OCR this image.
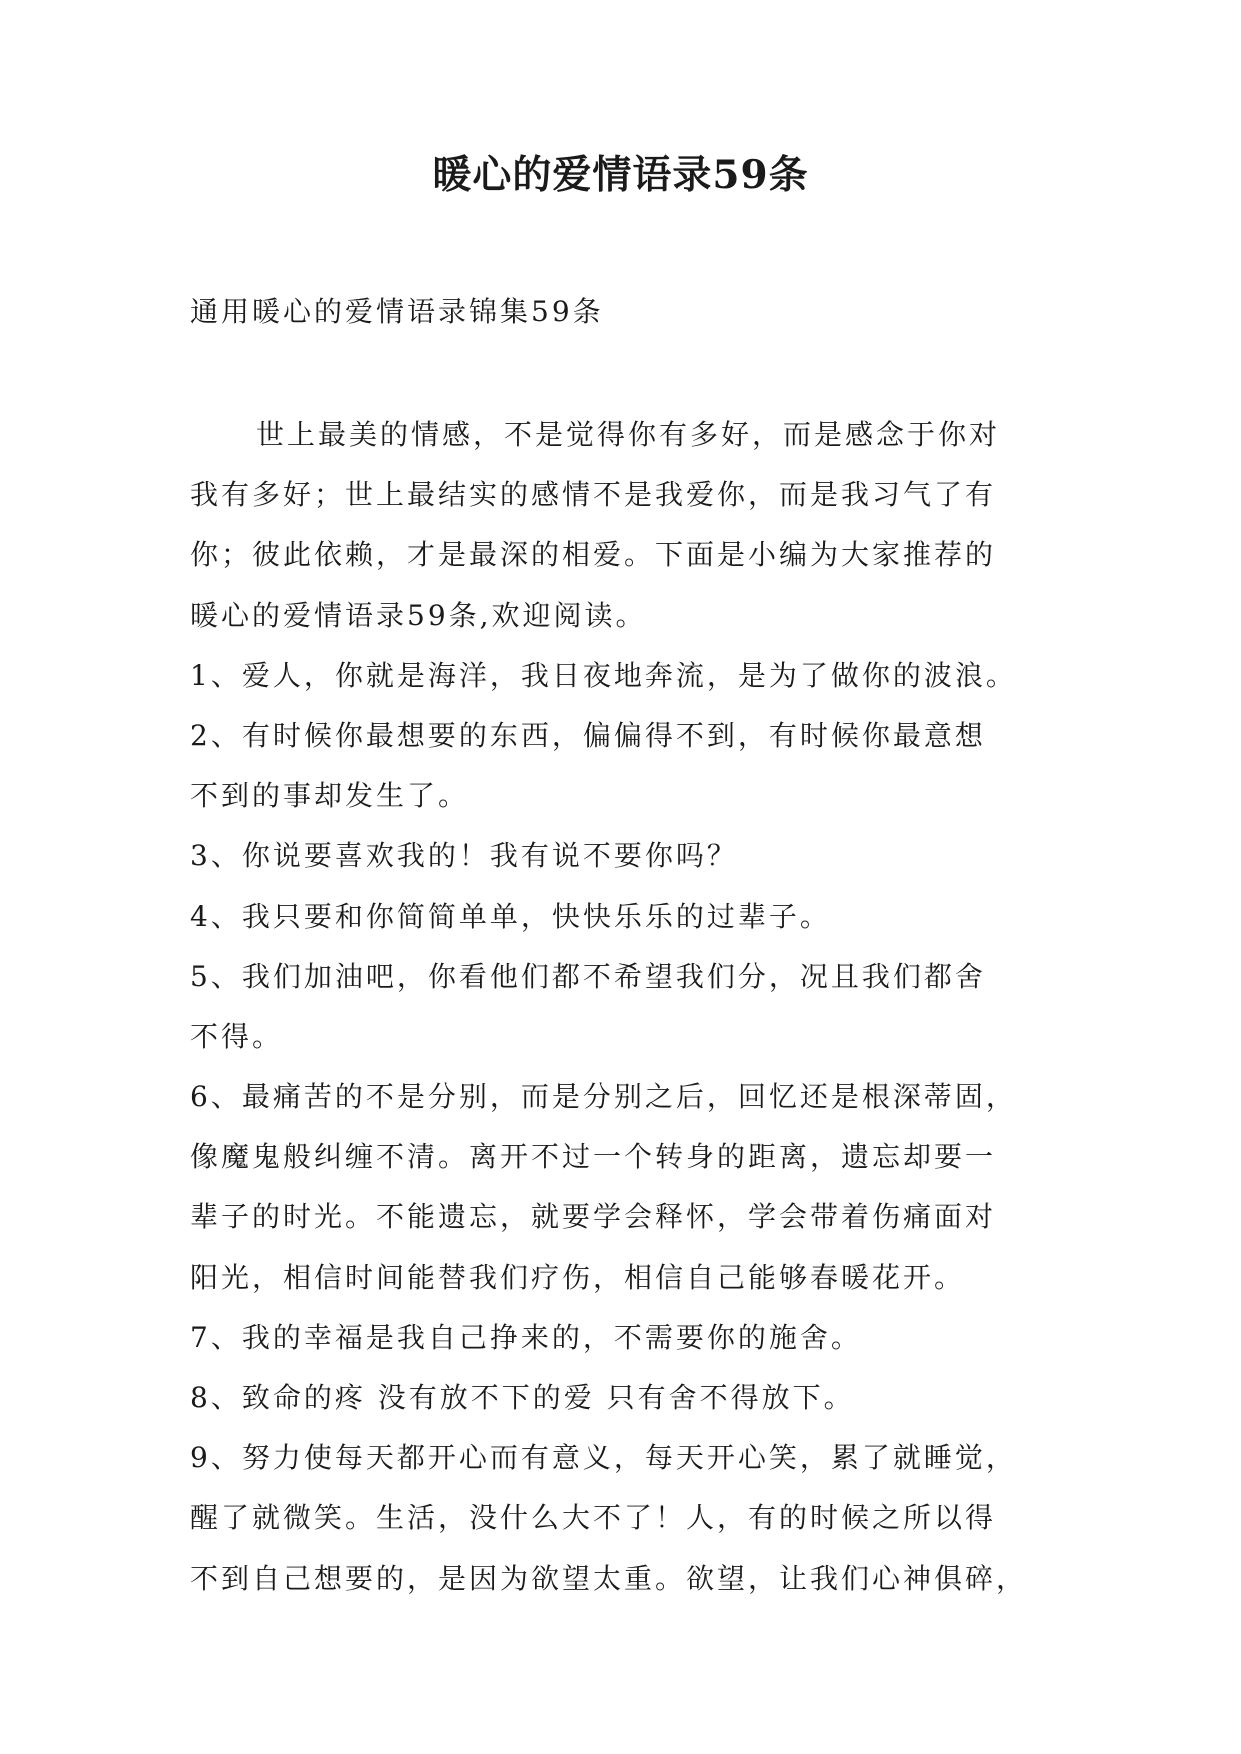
暖心的爱情语录59条
通用暖心的爱情语录锦集59条
世上最美的情感，不是觉得你有多好，而是感念于你对
我有多好；世上最结实的感情不是我爱你，而是我习气了有
你；彼此依赖，才是最深的相爱。下面是小编为大家推荐的
暖心的爱情语录59条,欢迎阅读。
1、爱人，你就是海洋，我日夜地奔流，是为了做你的波浪。
2、有时候你最想要的东西，偏偏得不到，有时候你最意想
不到的事却发生了。
3、你说要喜欢我的！我有说不要你吗？
4、我只要和你简简单单，快快乐乐的过辈子。
5、我们加油吧，你看他们都不希望我们分，况且我们都舍
不得。
6、最痛苦的不是分别，而是分别之后，回忆还是根深蒂固，
像魔鬼般纠缠不清。离开不过一个转身的距离，遗忘却要一
辈子的时光。不能遗忘，就要学会释怀，学会带着伤痛面对
阳光，相信时间能替我们疗伤，相信自己能够春暖花开。
7、我的幸福是我自己挣来的，不需要你的施舍。
8、致命的疼 没有放不下的爱 只有舍不得放下。
9、努力使每天都开心而有意义，每天开心笑，累了就睡觉，
醒了就微笑。生活，没什么大不了！人，有的时候之所以得
不到自己想要的，是因为欲望太重。欲望，让我们心神俱碎，
